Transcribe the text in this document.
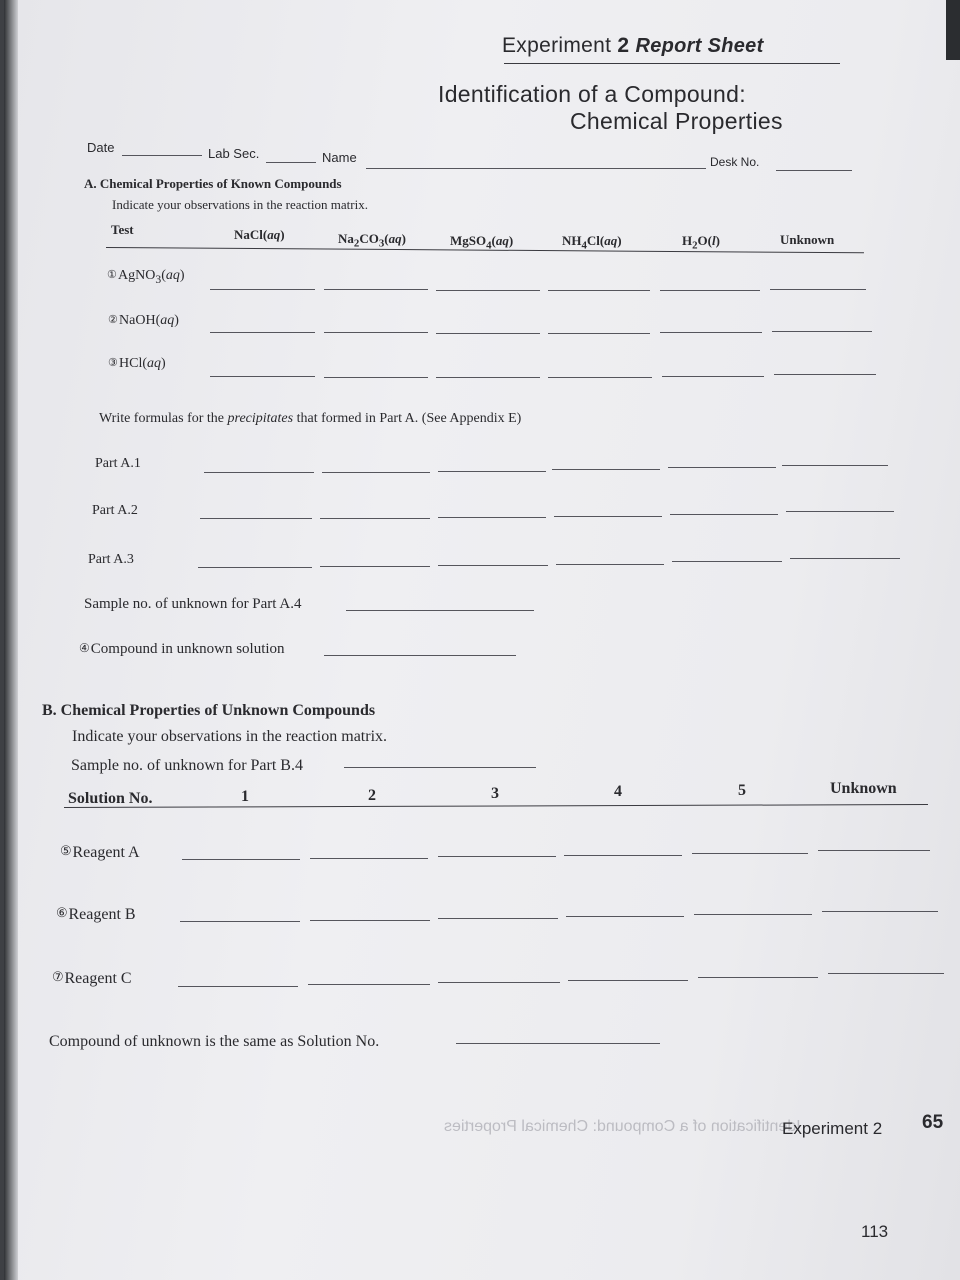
Experiment 2 Report Sheet
Identification of a Compound:
Chemical Properties
Date	Lab Sec.	Name	Desk No.
A. Chemical Properties of Known Compounds
Indicate your observations in the reaction matrix.
Test	NaCl(aq)	$Na_2CO_3(aq)$	MgSO$_4$(aq)	$NH_4Cl(aq)$	$H_2O(l)$	Unknown
①AgNO$_3$(aq)
②NaOH(aq)
③HCl(aq)
Write formulas for the precipitates that formed in Part A. (See Appendix E)
Part A.1
Part A.2
Part A.3
Sample no. of unknown for Part A.4
④Compound in unknown solution
B. Chemical Properties of Unknown Compounds
Indicate your observations in the reaction matrix.
Sample no. of unknown for Part B.4
Solution No.	1	2	3	4	5	Unknown
⑤Reagent A
⑥Reagent B
⑦Reagent C
Compound of unknown is the same as Solution No.
Identification of a Compound: Chemical Properties
Experiment 2 65
113
